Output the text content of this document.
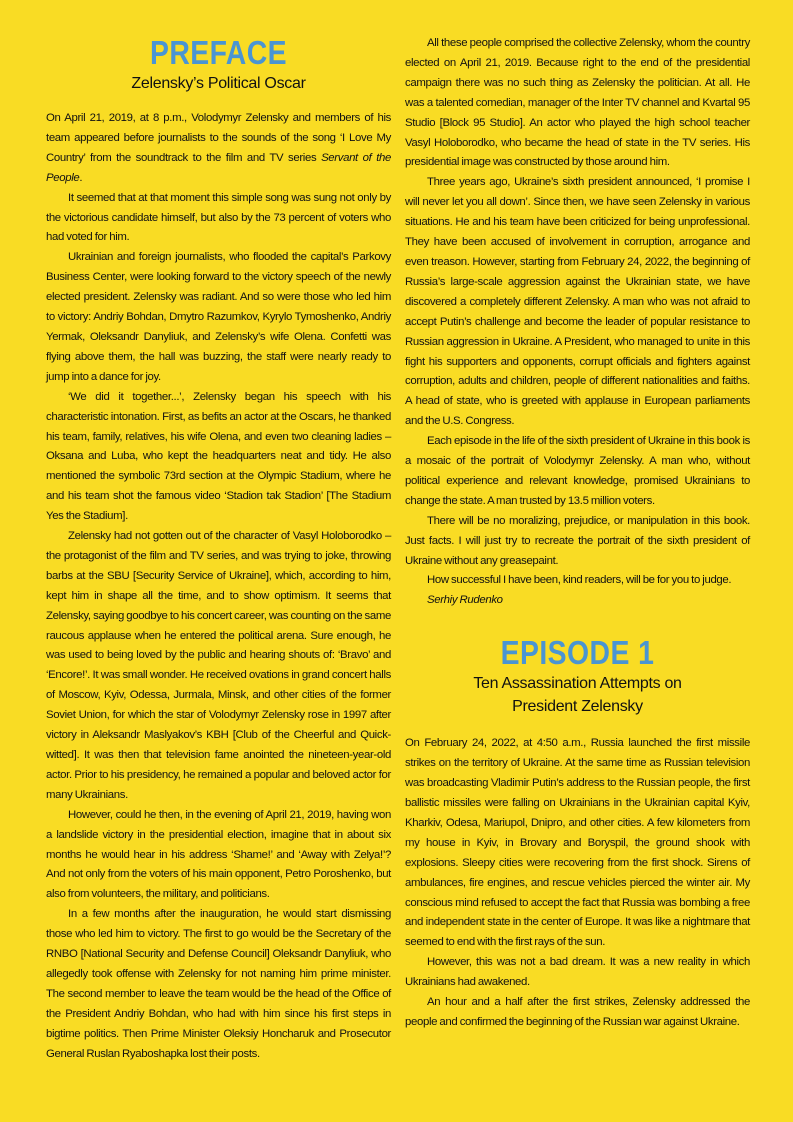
PREFACE
Zelensky’s Political Oscar

On April 21, 2019, at 8 p.m., Volodymyr Zelensky and members of his team appeared before journalists to the sounds of the song ‘I Love My Country’ from the soundtrack to the film and TV series Servant of the People.

It seemed that at that moment this simple song was sung not only by the victorious candidate himself, but also by the 73 percent of voters who had voted for him.

Ukrainian and foreign journalists, who flooded the capital’s Parkovy Business Center, were looking forward to the victory speech of the newly elected president. Zelensky was radiant. And so were those who led him to victory: Andriy Bohdan, Dmytro Razumkov, Kyrylo Tymoshenko, Andriy Yermak, Oleksandr Danyliuk, and Zelensky’s wife Olena. Confetti was flying above them, the hall was buzzing, the staff were nearly ready to jump into a dance for joy.

‘We did it together...’, Zelensky began his speech with his characteristic intonation. First, as befits an actor at the Oscars, he thanked his team, family, relatives, his wife Olena, and even two cleaning ladies – Oksana and Luba, who kept the headquarters neat and tidy. He also mentioned the symbolic 73rd section at the Olympic Stadium, where he and his team shot the famous video ‘Stadion tak Stadion’ [The Stadium Yes the Stadium].

Zelensky had not gotten out of the character of Vasyl Holoborodko – the protagonist of the film and TV series, and was trying to joke, throwing barbs at the SBU [Security Service of Ukraine], which, according to him, kept him in shape all the time, and to show optimism. It seems that Zelensky, saying goodbye to his concert career, was counting on the same raucous applause when he entered the political arena. Sure enough, he was used to being loved by the public and hearing shouts of: ‘Bravo’ and ‘Encore!’. It was small wonder. He received ovations in grand concert halls of Moscow, Kyiv, Odessa, Jurmala, Minsk, and other cities of the former Soviet Union, for which the star of Volodymyr Zelensky rose in 1997 after victory in Aleksandr Maslyakov’s KBH [Club of the Cheerful and Quick-witted]. It was then that television fame anointed the nineteen-year-old actor. Prior to his presidency, he remained a popular and beloved actor for many Ukrainians.

However, could he then, in the evening of April 21, 2019, having won a landslide victory in the presidential election, imagine that in about six months he would hear in his address ‘Shame!’ and ‘Away with Zelya!’? And not only from the voters of his main opponent, Petro Poroshenko, but also from volunteers, the military, and politicians.

In a few months after the inauguration, he would start dismissing those who led him to victory. The first to go would be the Secretary of the RNBO [National Security and Defense Council] Oleksandr Danyliuk, who allegedly took offense with Zelensky for not naming him prime minister. The second member to leave the team would be the head of the Office of the President Andriy Bohdan, who had with him since his first steps in bigtime politics. Then Prime Minister Oleksiy Honcharuk and Prosecutor General Ruslan Ryaboshapka lost their posts.

All these people comprised the collective Zelensky, whom the country elected on April 21, 2019. Because right to the end of the presidential campaign there was no such thing as Zelensky the politician. At all. He was a talented comedian, manager of the Inter TV channel and Kvartal 95 Studio [Block 95 Studio]. An actor who played the high school teacher Vasyl Holoborodko, who became the head of state in the TV series. His presidential image was constructed by those around him.

Three years ago, Ukraine’s sixth president announced, ‘I promise I will never let you all down’. Since then, we have seen Zelensky in various situations. He and his team have been criticized for being unprofessional. They have been accused of involvement in corruption, arrogance and even treason. However, starting from February 24, 2022, the beginning of Russia’s large-scale aggression against the Ukrainian state, we have discovered a completely different Zelensky. A man who was not afraid to accept Putin’s challenge and become the leader of popular resistance to Russian aggression in Ukraine. A President, who managed to unite in this fight his supporters and opponents, corrupt officials and fighters against corruption, adults and children, people of different nationalities and faiths. A head of state, who is greeted with applause in European parliaments and the U.S. Congress.

Each episode in the life of the sixth president of Ukraine in this book is a mosaic of the portrait of Volodymyr Zelensky. A man who, without political experience and relevant knowledge, promised Ukrainians to change the state. A man trusted by 13.5 million voters.

There will be no moralizing, prejudice, or manipulation in this book. Just facts. I will just try to recreate the portrait of the sixth president of Ukraine without any greasepaint.

How successful I have been, kind readers, will be for you to judge.

Serhiy Rudenko

EPISODE 1
Ten Assassination Attempts on
President Zelensky

On February 24, 2022, at 4:50 a.m., Russia launched the first missile strikes on the territory of Ukraine. At the same time as Russian television was broadcasting Vladimir Putin’s address to the Russian people, the first ballistic missiles were falling on Ukrainians in the Ukrainian capital Kyiv, Kharkiv, Odesa, Mariupol, Dnipro, and other cities. A few kilometers from my house in Kyiv, in Brovary and Boryspil, the ground shook with explosions. Sleepy cities were recovering from the first shock. Sirens of ambulances, fire engines, and rescue vehicles pierced the winter air. My conscious mind refused to accept the fact that Russia was bombing a free and independent state in the center of Europe. It was like a nightmare that seemed to end with the first rays of the sun.

However, this was not a bad dream. It was a new reality in which Ukrainians had awakened.

An hour and a half after the first strikes, Zelensky addressed the people and confirmed the beginning of the Russian war against Ukraine.
